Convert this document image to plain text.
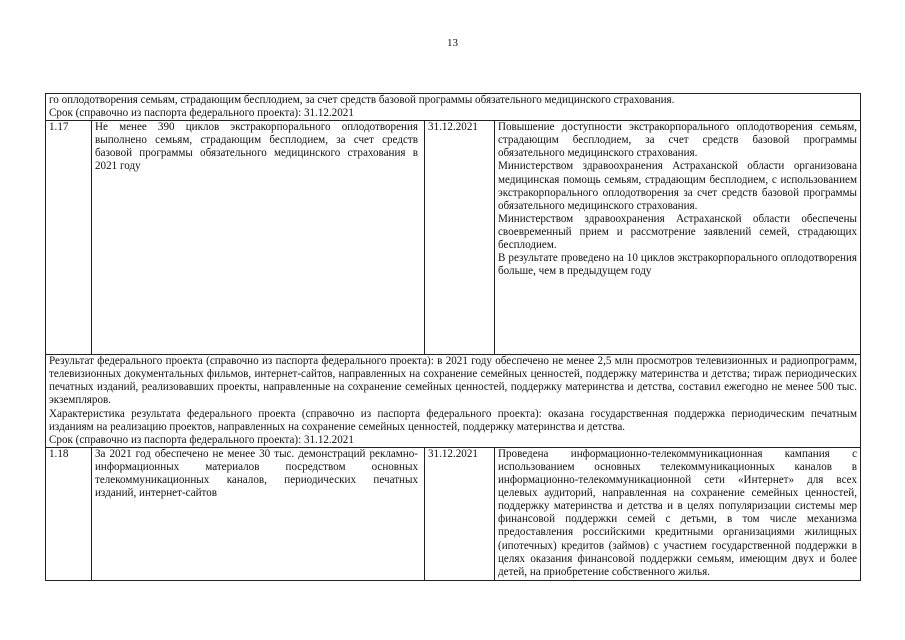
13

го оплодотворения семьям, страдающим бесплодием, за счет средств базовой программы обязательного медицинского страхования.

Срок (справочно из паспорта федерального проекта): 31.12.2021			

1.17	Не менее 390 циклов экстракорпорального оплодотворения выполнено семьям, страдающим бесплодием, за счет средств базовой программы обязательного медицинского страхования в 2021 году	31.12.2021	Повышение доступности экстракорпорального оплодотворения семьям, страдающим бесплодием, за счет средств базовой программы обязательного медицинского страхования.

Министерством здравоохранения Астраханской области организована медицинская помощь семьям, страдающим бесплодием, с использованием экстракорпорального оплодотворения за счет средств базовой программы обязательного медицинского страхования.

Министерством здравоохранения Астраханской области обеспечены своевременный прием и рассмотрение заявлений семей, страдающих бесплодием.

В результате проведено на 10 циклов экстракорпорального оплодотворения больше, чем в предыдущем году

Результат федерального проекта (справочно из паспорта федерального проекта): в 2021 году обеспечено не менее 2,5 млн просмотров телевизионных и радиопрограмм, телевизионных документальных фильмов, интернет-сайтов, направленных на сохранение семейных ценностей, поддержку материнства и детства; тираж периодических печатных изданий, реализовавших проекты, направленные на сохранение семейных ценностей, поддержку материнства и детства, составил ежегодно не менее 500 тыс. экземпляров.

Характеристика результата федерального проекта (справочно из паспорта федерального проекта): оказана государственная поддержка периодическим печатным изданиям на реализацию проектов, направленных на сохранение семейных ценностей, поддержку материнства и детства.

Срок (справочно из паспорта федерального проекта): 31.12.2021			

1.18	За 2021 год обеспечено не менее 30 тыс. демонстраций рекламно-информационных материалов посредством основных телекоммуникационных каналов, периодических печатных изданий, интернет-сайтов	31.12.2021	Проведена информационно-телекоммуникационная кампания с использованием основных телекоммуникационных каналов в информационно-телекоммуникационной сети «Интернет» для всех целевых аудиторий, направленная на сохранение семейных ценностей, поддержку материнства и детства и в целях популяризации системы мер финансовой поддержки семей с детьми, в том числе механизма предоставления российскими кредитными организациями жилищных (ипотечных) кредитов (займов) с участием государственной поддержки в целях оказания финансовой поддержки семьям, имеющим двух и более детей, на приобретение собственного жилья.
